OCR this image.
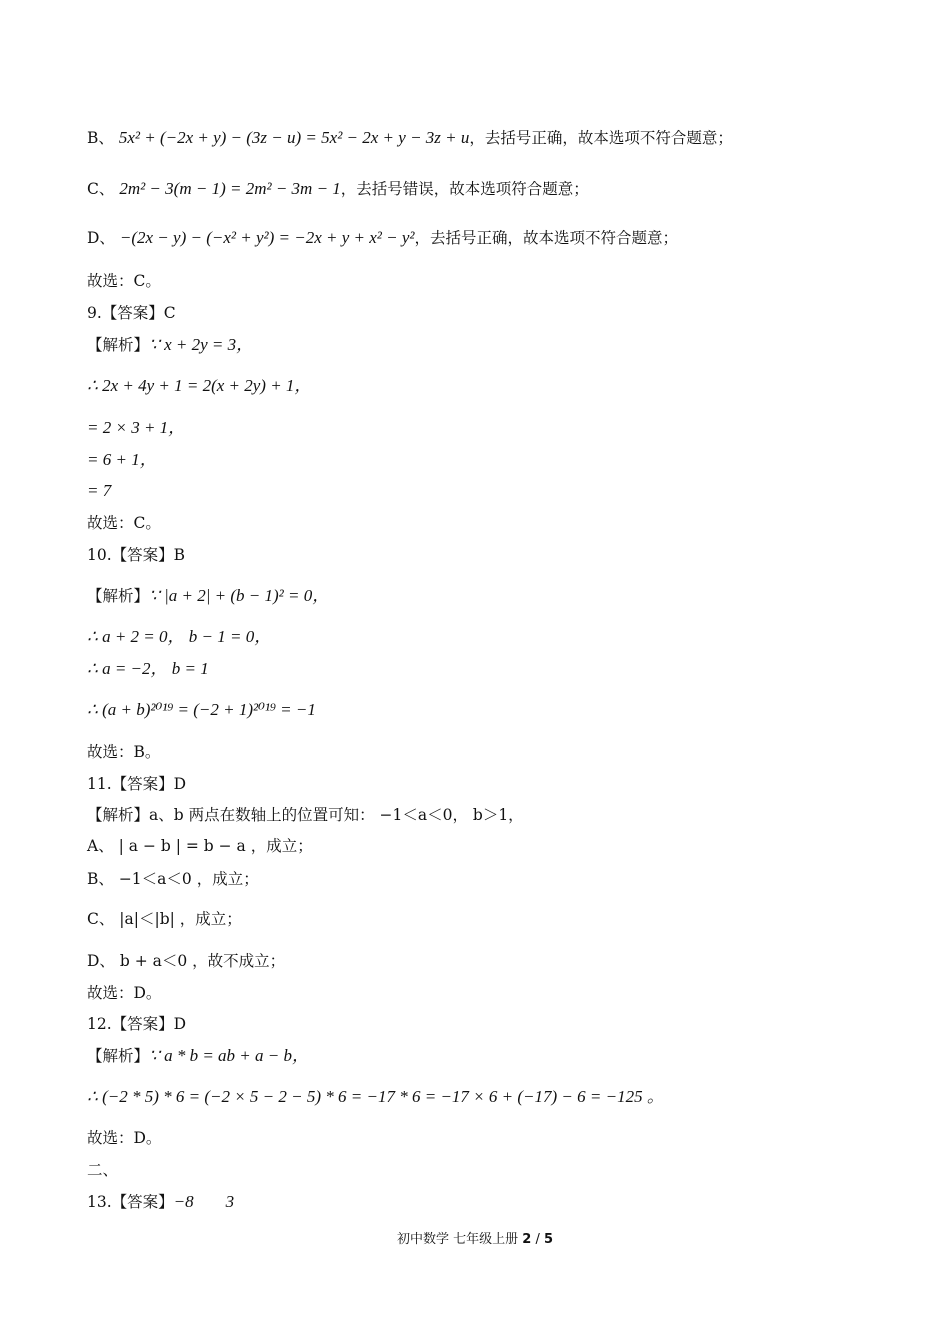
B、 5x² + (−2x + y) − (3z − u) = 5x² − 2x + y − 3z + u，去括号正确，故本选项不符合题意；
C、 2m² − 3(m − 1) = 2m² − 3m − 1，去括号错误，故本选项符合题意；
D、 −(2x − y) − (−x² + y²) = −2x + y + x² − y²，去括号正确，故本选项不符合题意；
故选：C。
9.【答案】C
【解析】∵ x + 2y = 3，
∴ 2x + 4y + 1 = 2(x + 2y) + 1，
= 2 × 3 + 1，
= 6 + 1，
= 7
故选：C。
10.【答案】B
【解析】∵ |a + 2| + (b − 1)² = 0，
∴ a + 2 = 0， b − 1 = 0，
∴ a = −2， b = 1
∴ (a + b)²⁰¹⁹ = (−2 + 1)²⁰¹⁹ = −1
故选：B。
11.【答案】D
【解析】a、b 两点在数轴上的位置可知： −1＜a＜0， b＞1，
A、 | a − b | = b − a ，成立；
B、 −1＜a＜0 ，成立；
C、 |a|＜|b| ，成立；
D、 b + a＜0 ，故不成立；
故选：D。
12.【答案】D
【解析】∵ a * b = ab + a − b，
∴ (−2 * 5) * 6 = (−2 × 5 − 2 − 5) * 6 = −17 * 6 = −17 × 6 + (−17) − 6 = −125 。
故选：D。
二、
13.【答案】−8 3
初中数学 七年级上册 2 / 5
